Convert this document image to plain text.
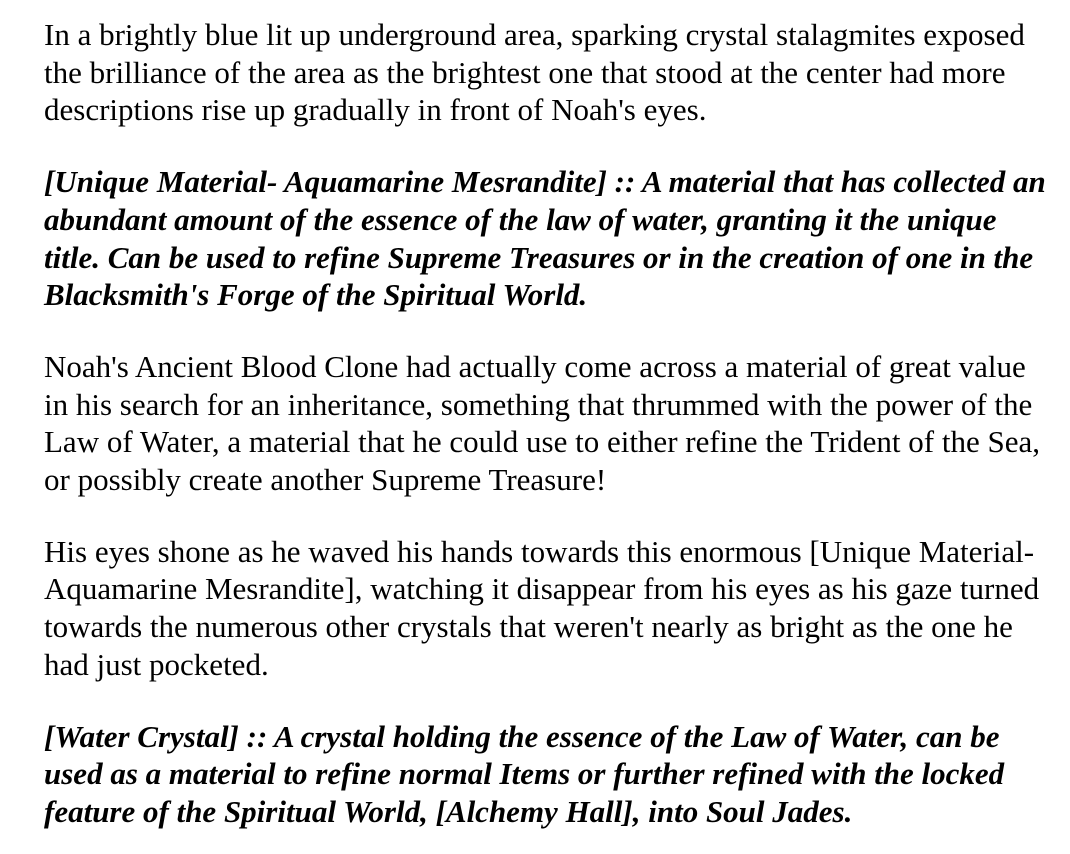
In a brightly blue lit up underground area, sparking crystal stalagmites exposed the brilliance of the area as the brightest one that stood at the center had more descriptions rise up gradually in front of Noah's eyes.

[Unique Material- Aquamarine Mesrandite] :: A material that has collected an abundant amount of the essence of the law of water, granting it the unique title. Can be used to refine Supreme Treasures or in the creation of one in the Blacksmith's Forge of the Spiritual World.

Noah's Ancient Blood Clone had actually come across a material of great value in his search for an inheritance, something that thrummed with the power of the Law of Water, a material that he could use to either refine the Trident of the Sea, or possibly create another Supreme Treasure!

His eyes shone as he waved his hands towards this enormous [Unique Material- Aquamarine Mesrandite], watching it disappear from his eyes as his gaze turned towards the numerous other crystals that weren't nearly as bright as the one he had just pocketed.

[Water Crystal] :: A crystal holding the essence of the Law of Water, can be used as a material to refine normal Items or further refined with the locked feature of the Spiritual World, [Alchemy Hall], into Soul Jades.
